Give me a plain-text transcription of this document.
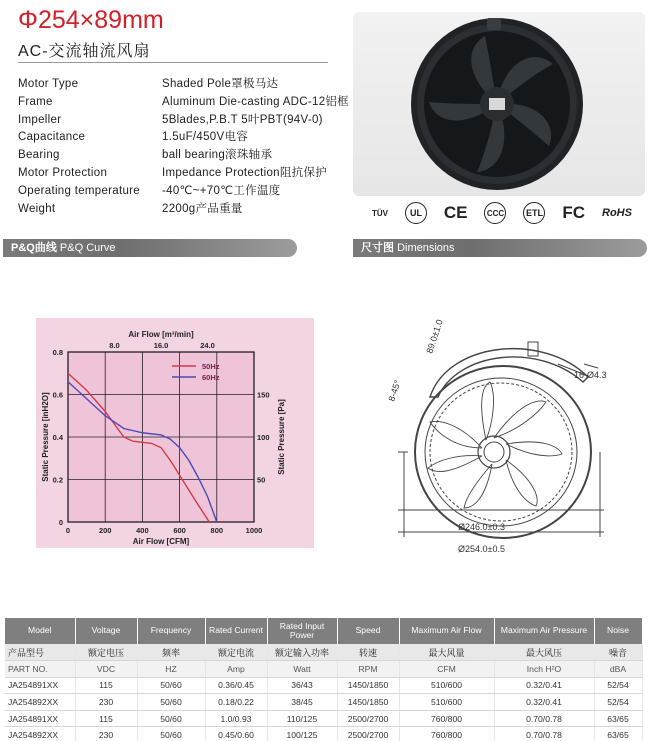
Φ254×89mm
AC-交流轴流风扇
Motor Type	Shaded Pole罩极马达
Frame	Aluminum Die-casting ADC-12铝框
Impeller	5Blades,P.B.T 5叶PBT(94V-0)
Capacitance	1.5uF/450V电容
Bearing	ball bearing滚珠轴承
Motor Protection	Impedance Protection阻抗保护
Operating temperature	-40℃~+70℃工作温度
Weight	2200g产品重量	TÜV	UL CE CCC ETL FC RoHS
P&Q曲线 P&Q Curve	尺寸图 Dimensions
0	200	400	600	800	1000
0
0.2
0.4
0.6
0.8
50
100
150
8.0	16.0	24.0
Air Flow [m³/min]
Air Flow [CFM]
Static Pressure [inH2O]	Static Pressure [Pa]
50Hz
60Hz	16-Ø4.3
89.0±1.0
8-45°
Ø246.0±0.3
Ø254.0±0.5
Model	Voltage	Frequency	Rated Current	Rated Input Power	Speed	Maximum Air Flow	Maximum Air Pressure	Noise
产品型号	额定电压	频率	额定电流	额定输入功率	转速	最大风量	最大风压	噪音
PART NO.	VDC	HZ	Amp	Watt	RPM	CFM	Inch H²O	dBA
JA254891XX	115	50/60	0.36/0.45	36/43	1450/1850	510/600	0.32/0.41	52/54
JA254892XX	230	50/60	0.18/0.22	38/45	1450/1850	510/600	0.32/0.41	52/54
JA254891XX	115	50/60	1.0/0.93	110/125	2500/2700	760/800	0.70/0.78	63/65
JA254892XX	230	50/60	0.45/0.60	100/125	2500/2700	760/800	0.70/0.78	63/65
